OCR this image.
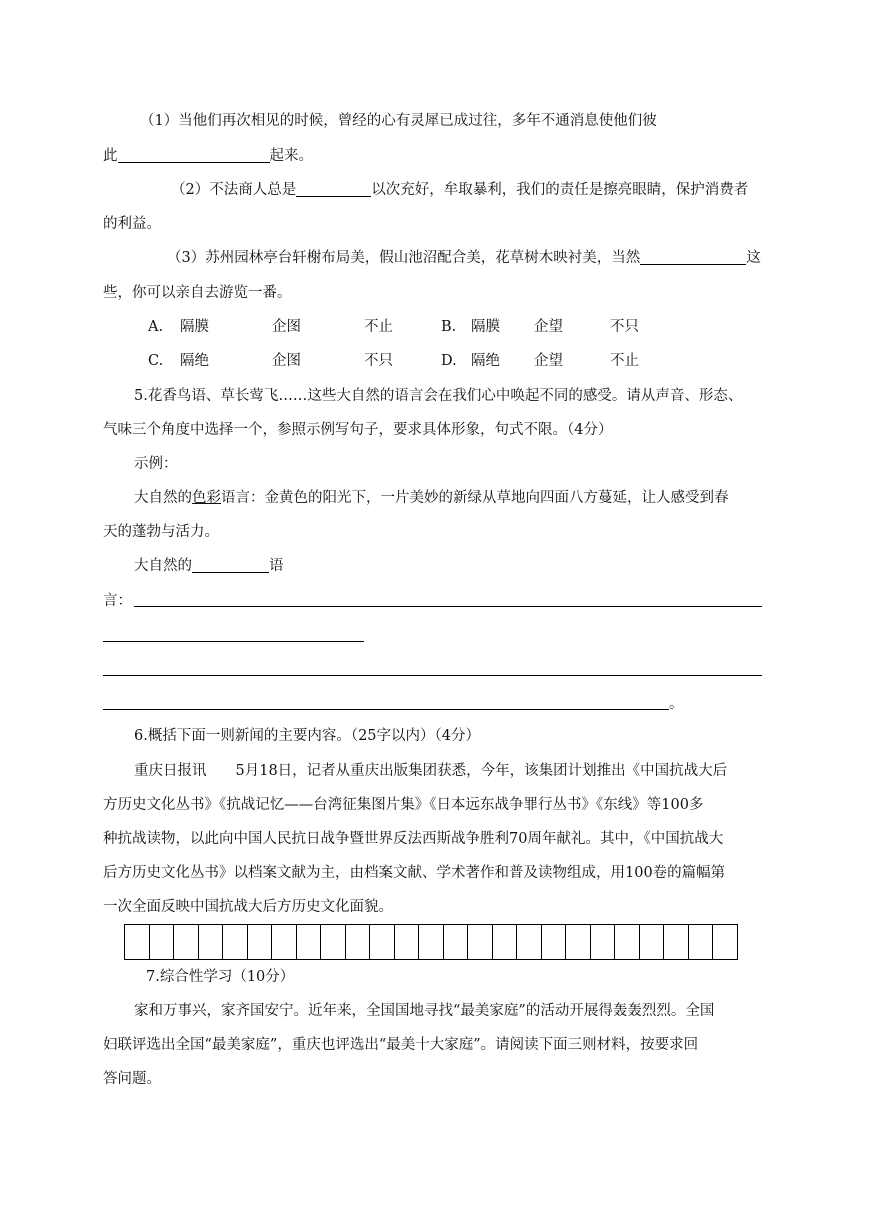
（1）当他们再次相见的时候，曾经的心有灵犀已成过往，多年不通消息使他们彼
此	起来。
（2）不法商人总是	以次充好，牟取暴利，我们的责任是擦亮眼睛，保护消费者
的利益。
（3）苏州园林亭台轩榭布局美，假山池沼配合美，花草树木映衬美，当然	这
些，你可以亲自去游览一番。
A. 隔膜	企图	不止	B. 隔膜 企望	不只
C. 隔绝	企图	不只	D. 隔绝 企望	不止
5.花香鸟语、草长莺飞……这些大自然的语言会在我们心中唤起不同的感受。请从声音、形态、
气味三个角度中选择一个，参照示例写句子，要求具体形象，句式不限。（4分）
示例：
大自然的色彩语言：金黄色的阳光下，一片美妙的新绿从草地向四面八方蔓延，让人感受到春
天的蓬勃与活力。
大自然的	语
言：
。
6.概括下面一则新闻的主要内容。（25字以内）（4分）
重庆日报讯　　5月18日，记者从重庆出版集团获悉，今年，该集团计划推出《中国抗战大后
方历史文化丛书》《抗战记忆——台湾征集图片集》《日本远东战争罪行丛书》《东线》等100多
种抗战读物，以此向中国人民抗日战争暨世界反法西斯战争胜利70周年献礼。其中，《中国抗战大
后方历史文化丛书》以档案文献为主，由档案文献、学术著作和普及读物组成，用100卷的篇幅第
一次全面反映中国抗战大后方历史文化面貌。
7.综合性学习（10分）
家和万事兴，家齐国安宁。近年来，全国国地寻找“最美家庭”的活动开展得轰轰烈烈。全国
妇联评选出全国“最美家庭”，重庆也评选出“最美十大家庭”。请阅读下面三则材料，按要求回
答问题。
